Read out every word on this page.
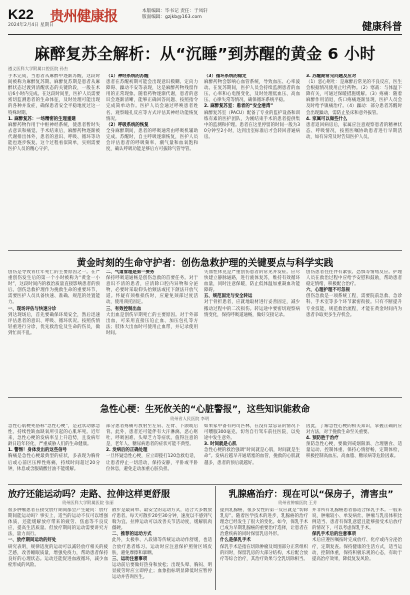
K22
2024年2月4日 星期日
贵州健康报	本版编辑：毕书记 责任：于凤轩
版面编辑：gzjkb@163.com
健康科普
麻醉复苏全解析：从“沉睡”到苏醒的黄金 6 小时
遵义医科大学附属口腔医院 孙杰
手术完成，当患者从麻醉中逐渐苏醒，这段时间被称为麻醉复苏期。麻醉复苏期是患者从麻醉状态过渡到清醒状态的关键阶段，一般在术后6小时内完成。在这段时间里，医护人员需要密切监测患者的生命体征，及时处理可能出现的各种并发症，确保患者安全平稳地度过这一特殊时期。
1. 麻醉复苏：一场精密的生理重建
麻醉药物作用于中枢神经系统，使患者暂时失去意识和痛觉。手术结束后，麻醉药物逐渐被代谢排出体外，患者的意识、呼吸、循环等功能也逐步恢复。这个过程看似简单，实则需要医护人员的精心守护。
（1）神经系统的苏醒
患者在苏醒初期可能会出现意识模糊、定向力障碍、躁动不安等表现，这是麻醉药物残留作用的正常现象。随着药物逐渐代谢，患者的意识会逐渐清晰，能够正确回答问题、按照指令完成简单动作。医护人员会通过呼唤患者姓名、观察瞳孔反应等方式评估其神经功能恢复情况。
（2）呼吸系统的恢复
全身麻醉期间，患者的呼吸通常由呼吸机辅助完成。苏醒时，自主呼吸逐渐恢复，医护人员会评估患者的呼吸频率、潮气量和血氧饱和度，确认呼吸功能足够后方可拔除气管导管。
（3）循环系统的稳定
麻醉药物会影响心血管系统，导致血压、心率波动。在复苏期间，医护人员会持续监测患者的血压、心率和心电图变化，及时处理低血压、高血压、心律失常等情况，确保循环系统平稳。
2. 麻醉复苏室：患者的“安全港湾”
麻醉复苏室（PACU）配备了专业的监护设备和训练有素的医护团队，为刚结束手术的患者提供集中的监测和护理。患者在这里停留的时间一般为30分钟至2小时，达到出室标准后才会转回普通病房。
3. 苏醒期常见问题及应对
（1）恶心呕吐：是麻醉后常见的不良反应，医生会根据情况使用止吐药物。（2）寒战：与体温下降有关，可通过保暖措施缓解。（3）疼痛：随着麻醉作用消退，伤口疼痛逐渐显现，医护人员会及时给予镇痛治疗。（4）躁动：部分患者苏醒时会出现躁动，需防止坠床和意外拔管。
4. 家属可以做些什么
患者返回病房后，家属应注意观察患者的精神状态、呼吸情况，按照医嘱协助患者进行早期活动，如有异常及时告知医护人员。
黄金时刻的生命守护者：创伤急救护理的关键要点与科学实践
创伤是导致青壮年死亡的主要原因之一。在严重创伤发生后的第一个小时被称为“黄金一小时”，这段时间内的救治质量直接影响患者的预后。创伤急救护理作为挽救生命的重要环节，需要医护人员具备快速、准确、规范的处置能力。
一、现场评估与快速分诊
到达现场后，首先要确保环境安全，然后迅速评估患者的意识、呼吸、循环状况。按照伤情轻重进行分诊，优先救治危及生命的伤员，做到忙而不乱。
二、气道管理是第一要务
保持呼吸道通畅是创伤急救的首要任务。对于意识不清的患者，应清除口腔内异物和分泌物，必要时采取仰头抬颏法或托下颌法开放气道。怀疑有颈椎损伤时，应避免颈部过度活动，使用颈托固定。
三、有效控制出血
大出血是创伤早期死亡的主要原因。对于外部出血，可采用直接压迫止血、加压包扎等方法；肢体大出血时可使用止血带，并记录使用时间。
失血性休克是严重创伤患者的常见并发症。应尽快建立静脉通路，进行液体复苏，维持有效循环血量，同时注意保暖，防止低体温加重凝血功能障碍。
五、规范固定与安全转运
对于骨折患者，应就地取材进行妥善固定，减少搬动过程中的二次损伤。转运途中要密切观察病情变化，保持呼吸道通畅，做好交接记录。
创伤患者往往伴有紧张、恐惧等情绪反应。护理人员在救治过程中应给予安慰和鼓励，帮助患者稳定情绪，积极配合治疗。
六、心理护理不可忽视
创伤急救是一项系统工程，需要院前急救、急诊科、手术室等多个环节紧密衔接。只有不断提升专业技能，规范救治流程，才能在黄金时间内为患者争取更多生存机会。
急性心梗：生死攸关的“心脏警报”，这些知识能救命
贵州省人民医院 李明
急性心肌梗死俗称“急性心梗”，是冠状动脉急性、持续性缺血缺氧所引起的心肌坏死。近年来，急性心梗的发病率呈上升趋势，且发病年龄日趋年轻化，严重威胁人们的生命健康。
1. 警惕！身体发出的这些信号
胸痛是急性心梗最典型的症状，多表现为胸骨后或心前区压榨性疼痛，持续时间超过20分钟，休息或含服硝酸甘油不能缓解。
部分患者疼痛可放射至左肩、左臂、下颌或后背。此外，患者还可能伴有大汗淋漓、恶心呕吐、呼吸困难、头晕乏力等症状。值得注意的是，老年人、糖尿病患者的症状可能不典型。
2. 发病后的正确处理
一旦怀疑急性心梗，应立即拨打120急救电话，让患者停止一切活动，保持安静，平卧或半卧位休息，避免走动加重心脏负担。
如果家中备有阿司匹林，在没有禁忌证的情况下可嚼服300毫克。切勿自行驾车前往医院，以免途中发生意外。
3. 时间就是心肌
急性心梗的救治强调“时间就是心肌，时间就是生命”。发病后越早开通堵塞的血管，挽救的心肌就越多，患者的预后就越好。
因此，了解急性心梗的相关知识，掌握正确的应对方法，对于挽救生命至关重要。
4. 预防胜于治疗
预防急性心梗，要做到戒烟限酒、合理膳食、适量运动、控制体重、保持心情舒畅，定期体检，积极控制高血压、高血脂、糖尿病等危险因素。
放疗还能运动吗？走路、拉伸这样更舒服
贵州医科大学附属医院 张丽
很多肿瘤患者在接受放疗期间都会产生疑问：放疗期间能运动吗？事实上，适当的运动不仅可以增强体质，还能缓解放疗带来的疲劳、焦虑等不良反应，提高生活质量。但放疗期间的运动需要讲究方法，量力而行。
一、放疗期间运动的好处
研究表明，规律适度的运动可以减轻放疗相关的疲乏感，改善睡眠质量，增强免疫力，帮助患者保持良好的心理状态。运动还能促进血液循环，减少血栓形成的风险。
散步是最简单、最安全的运动方式，适合大多数放疗患者。每天可散步20至30分钟，速度以不感到气喘为宜。拉伸运动可以改善关节活动度，缓解肌肉僵硬。
二、推荐的运动方式
此外，太极拳、八段锦等传统运动动作舒缓，也适合放疗患者练习。运动时应注意保护照射区域皮肤，避免摩擦和暴晒。
三、运动注意事项
运动前后要做好热身和放松；出现头晕、胸闷、明显疲劳时应立即停止；血象指标明显降低时应暂停运动并咨询医生。
乳腺癌治疗：现在可以“保房子，清害虫”
贵州省肿瘤医院 王芳
提到乳腺癌，很多女性的第一反应就是“切除乳房”。随着医学技术的进步，乳腺癌的治疗理念已经发生了很大的变化。如今，保乳手术已成为早期乳腺癌的重要治疗选择，让患者在治愈疾病的同时保留乳房外形。
什么是保乳手术
保乳手术是指在切除肿瘤及周围部分正常组织的同时，保留乳房的大部分结构，术后配合放疗等综合治疗，其治疗效果与全乳切除相当。
并非所有乳腺癌患者都适合保乳手术。一般来说，肿瘤较小、单发病灶、肿瘤与乳房体积比例适当、患者有保乳意愿且能够接受术后放疗的情况下，可以考虑保乳手术。
保乳手术后的注意事项
术后应遵医嘱按时完成放疗、化疗或内分泌治疗，定期复查。保持健康的生活方式，适当运动，控制体重，保持积极乐观的心态，有助于提高治疗效果，降低复发风险。
